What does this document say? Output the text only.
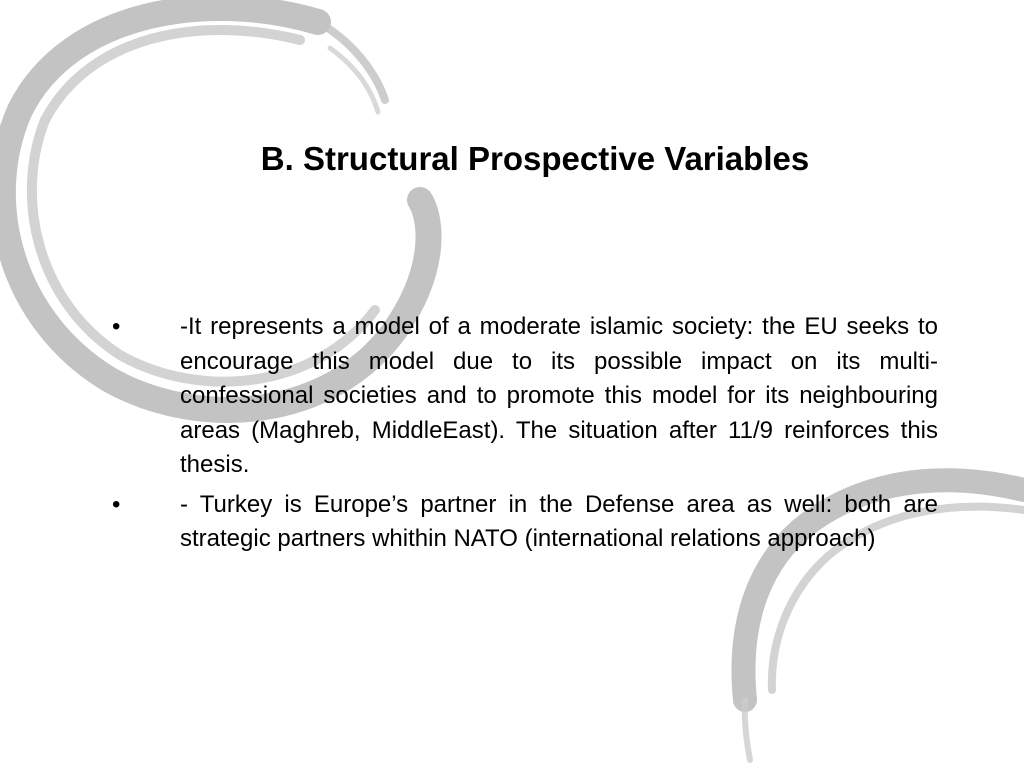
B. Structural Prospective Variables
•	-It represents a model of a moderate islamic society: the EU seeks to encourage this model due to its possible impact on its multi-confessional societies and to promote this model for its neighbouring areas (Maghreb, MiddleEast). The situation after 11/9 reinforces this thesis.
•	- Turkey is Europe’s partner in the Defense area as well: both are strategic partners whithin NATO (international relations approach)
